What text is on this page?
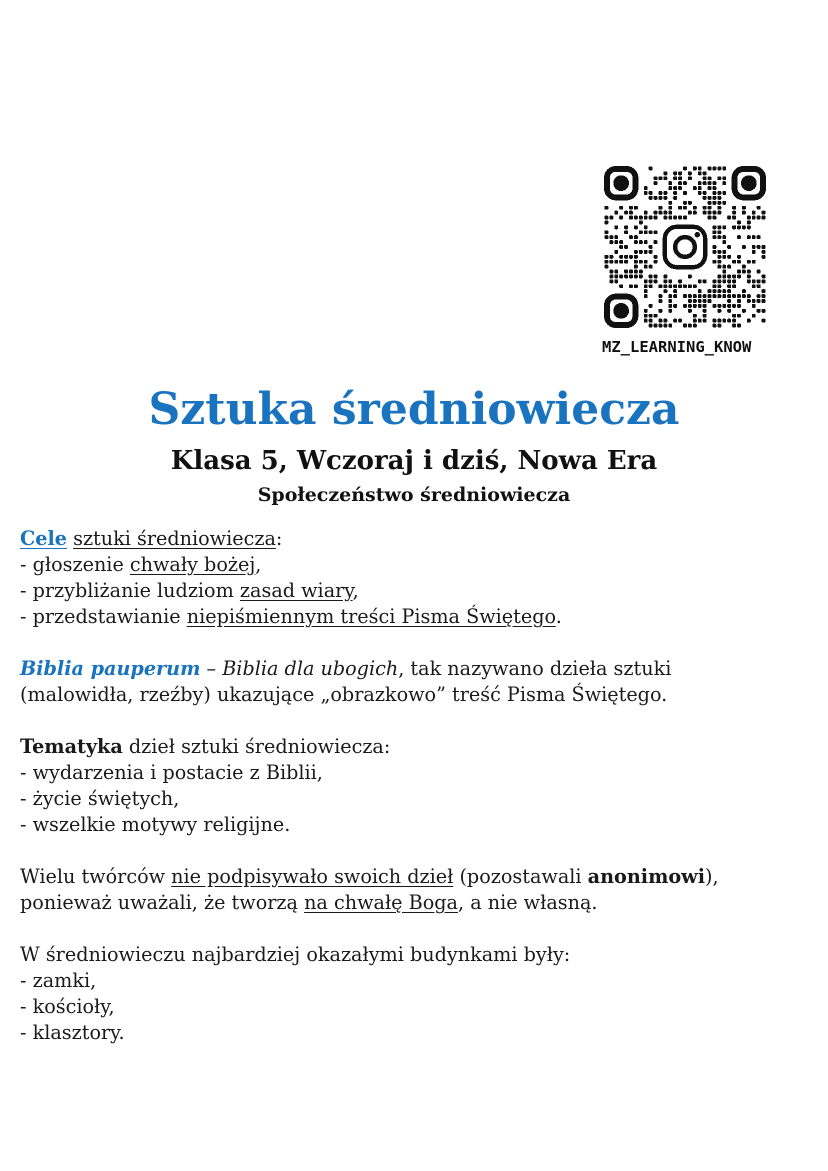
MZ_LEARNING_KNOW
Sztuka średniowiecza
Klasa 5, Wczoraj i dziś, Nowa Era
Społeczeństwo średniowiecza

Cele sztuki średniowiecza:

- głoszenie chwały bożej,

- przybliżanie ludziom zasad wiary,

- przedstawianie niepiśmiennym treści Pisma Świętego.

Biblia pauperum – Biblia dla ubogich, tak nazywano dzieła sztuki

(malowidła, rzeźby) ukazujące „obrazkowo” treść Pisma Świętego.

Tematyka dzieł sztuki średniowiecza:

- wydarzenia i postacie z Biblii,

- życie świętych,

- wszelkie motywy religijne.

Wielu twórców nie podpisywało swoich dzieł (pozostawali anonimowi),

ponieważ uważali, że tworzą na chwałę Boga, a nie własną.

W średniowieczu najbardziej okazałymi budynkami były:

- zamki,

- kościoły,

- klasztory.
